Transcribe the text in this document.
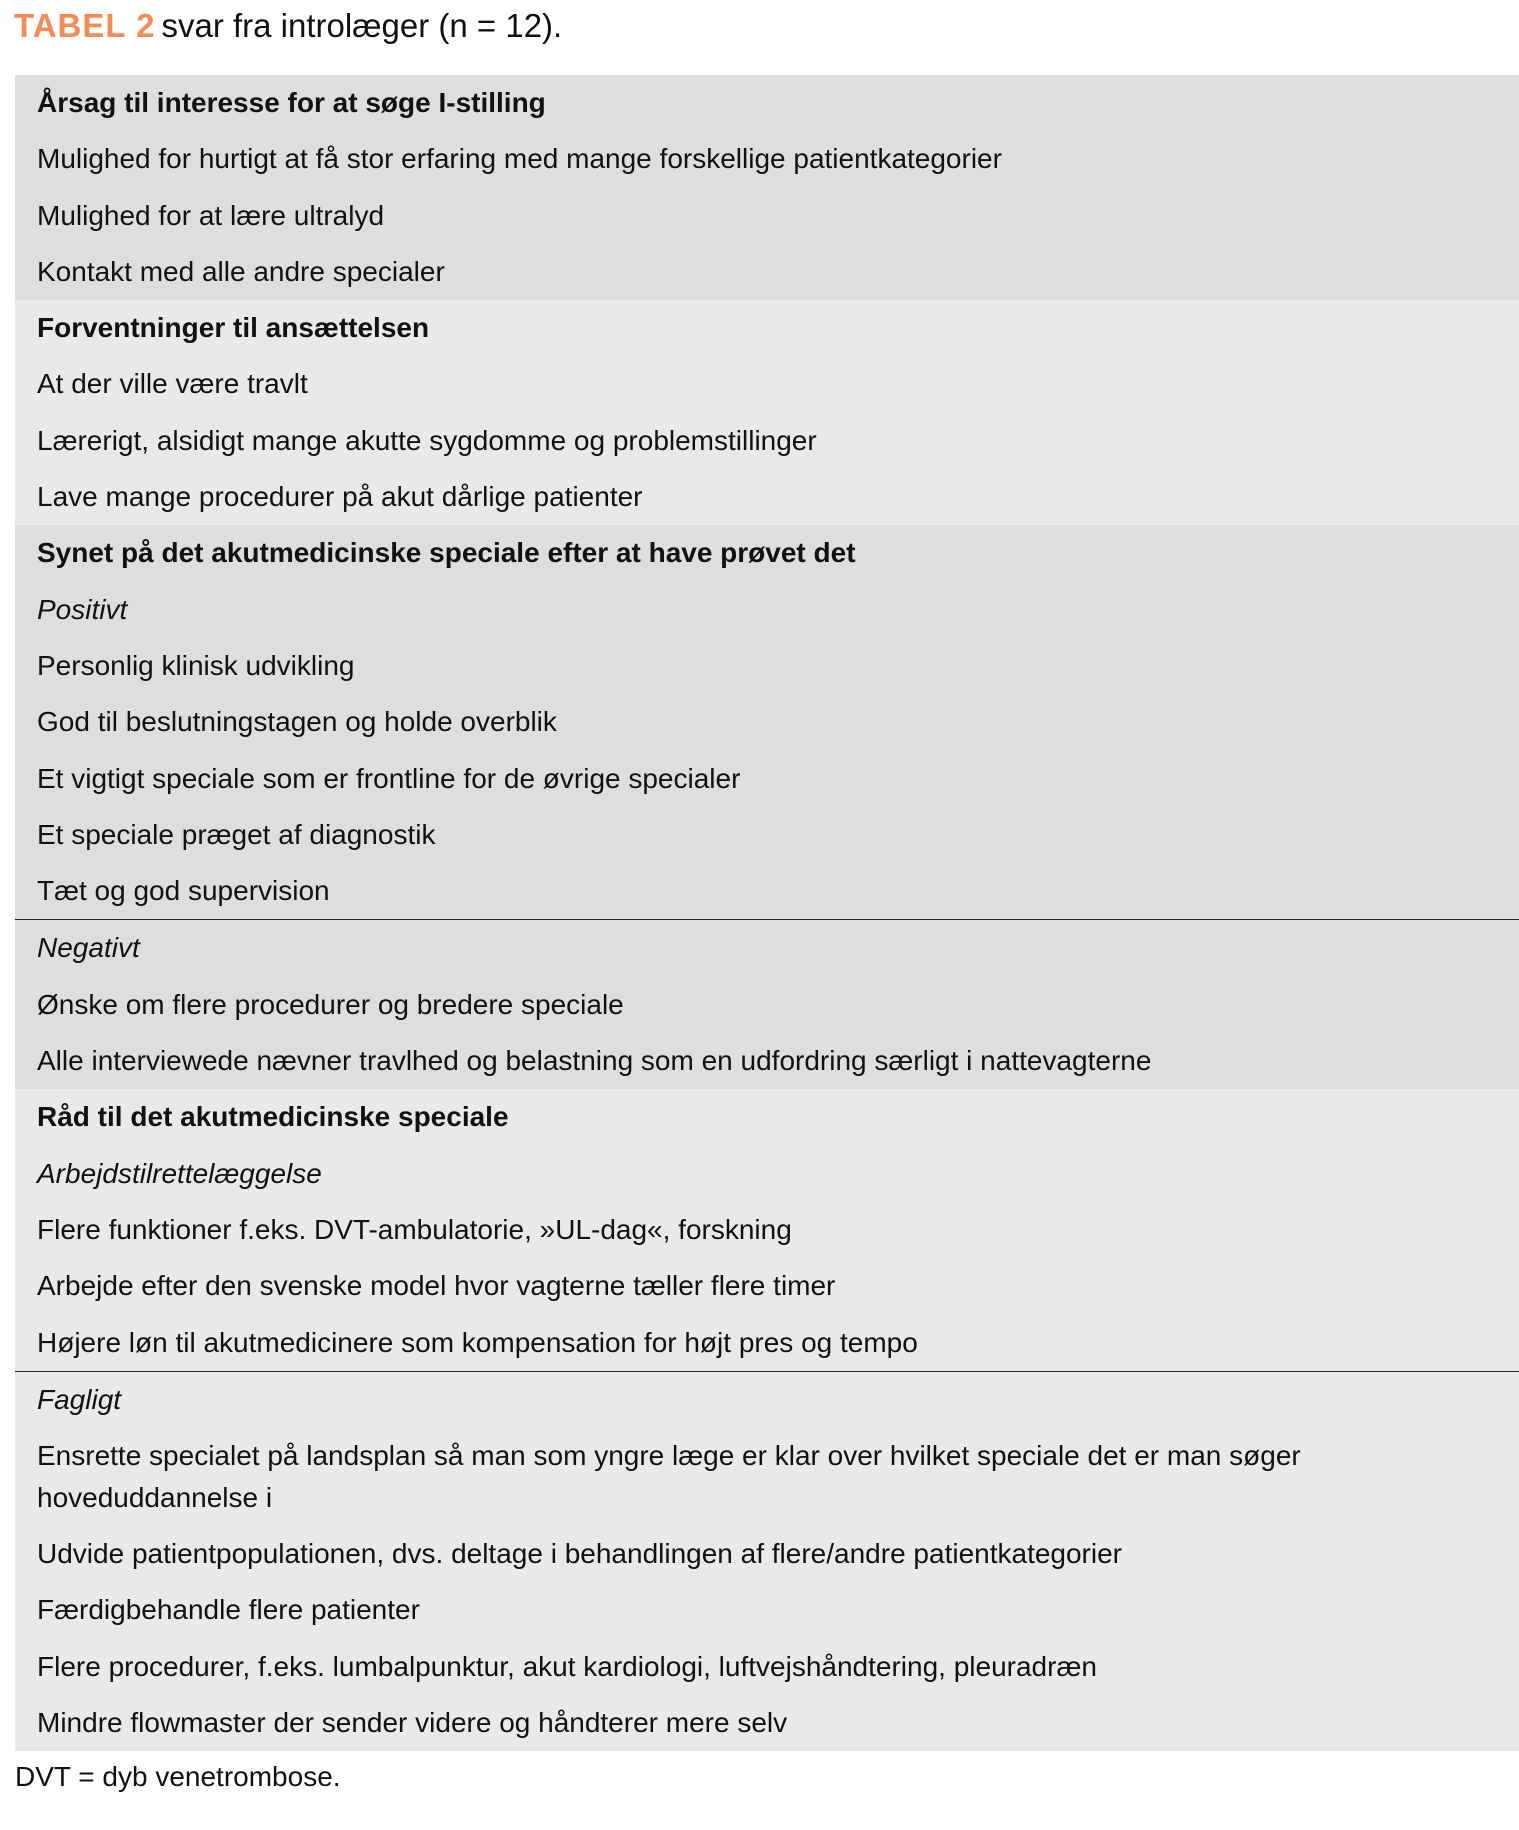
TABEL 2 svar fra introlæger (n = 12).
Årsag til interesse for at søge I-stilling
Mulighed for hurtigt at få stor erfaring med mange forskellige patientkategorier
Mulighed for at lære ultralyd
Kontakt med alle andre specialer
Forventninger til ansættelsen
At der ville være travlt
Lærerigt, alsidigt mange akutte sygdomme og problemstillinger
Lave mange procedurer på akut dårlige patienter
Synet på det akutmedicinske speciale efter at have prøvet det
Positivt
Personlig klinisk udvikling
God til beslutningstagen og holde overblik
Et vigtigt speciale som er frontline for de øvrige specialer
Et speciale præget af diagnostik
Tæt og god supervision
Negativt
Ønske om flere procedurer og bredere speciale
Alle interviewede nævner travlhed og belastning som en udfordring særligt i nattevagterne
Råd til det akutmedicinske speciale
Arbejdstilrettelæggelse
Flere funktioner f.eks. DVT-ambulatorie, »UL-dag«, forskning
Arbejde efter den svenske model hvor vagterne tæller flere timer
Højere løn til akutmedicinere som kompensation for højt pres og tempo
Fagligt
Ensrette specialet på landsplan så man som yngre læge er klar over hvilket speciale det er man søger hoveduddannelse i
Udvide patientpopulationen, dvs. deltage i behandlingen af flere/andre patientkategorier
Færdigbehandle flere patienter
Flere procedurer, f.eks. lumbalpunktur, akut kardiologi, luftvejshåndtering, pleuradræn
Mindre flowmaster der sender videre og håndterer mere selv
DVT = dyb venetrombose.
